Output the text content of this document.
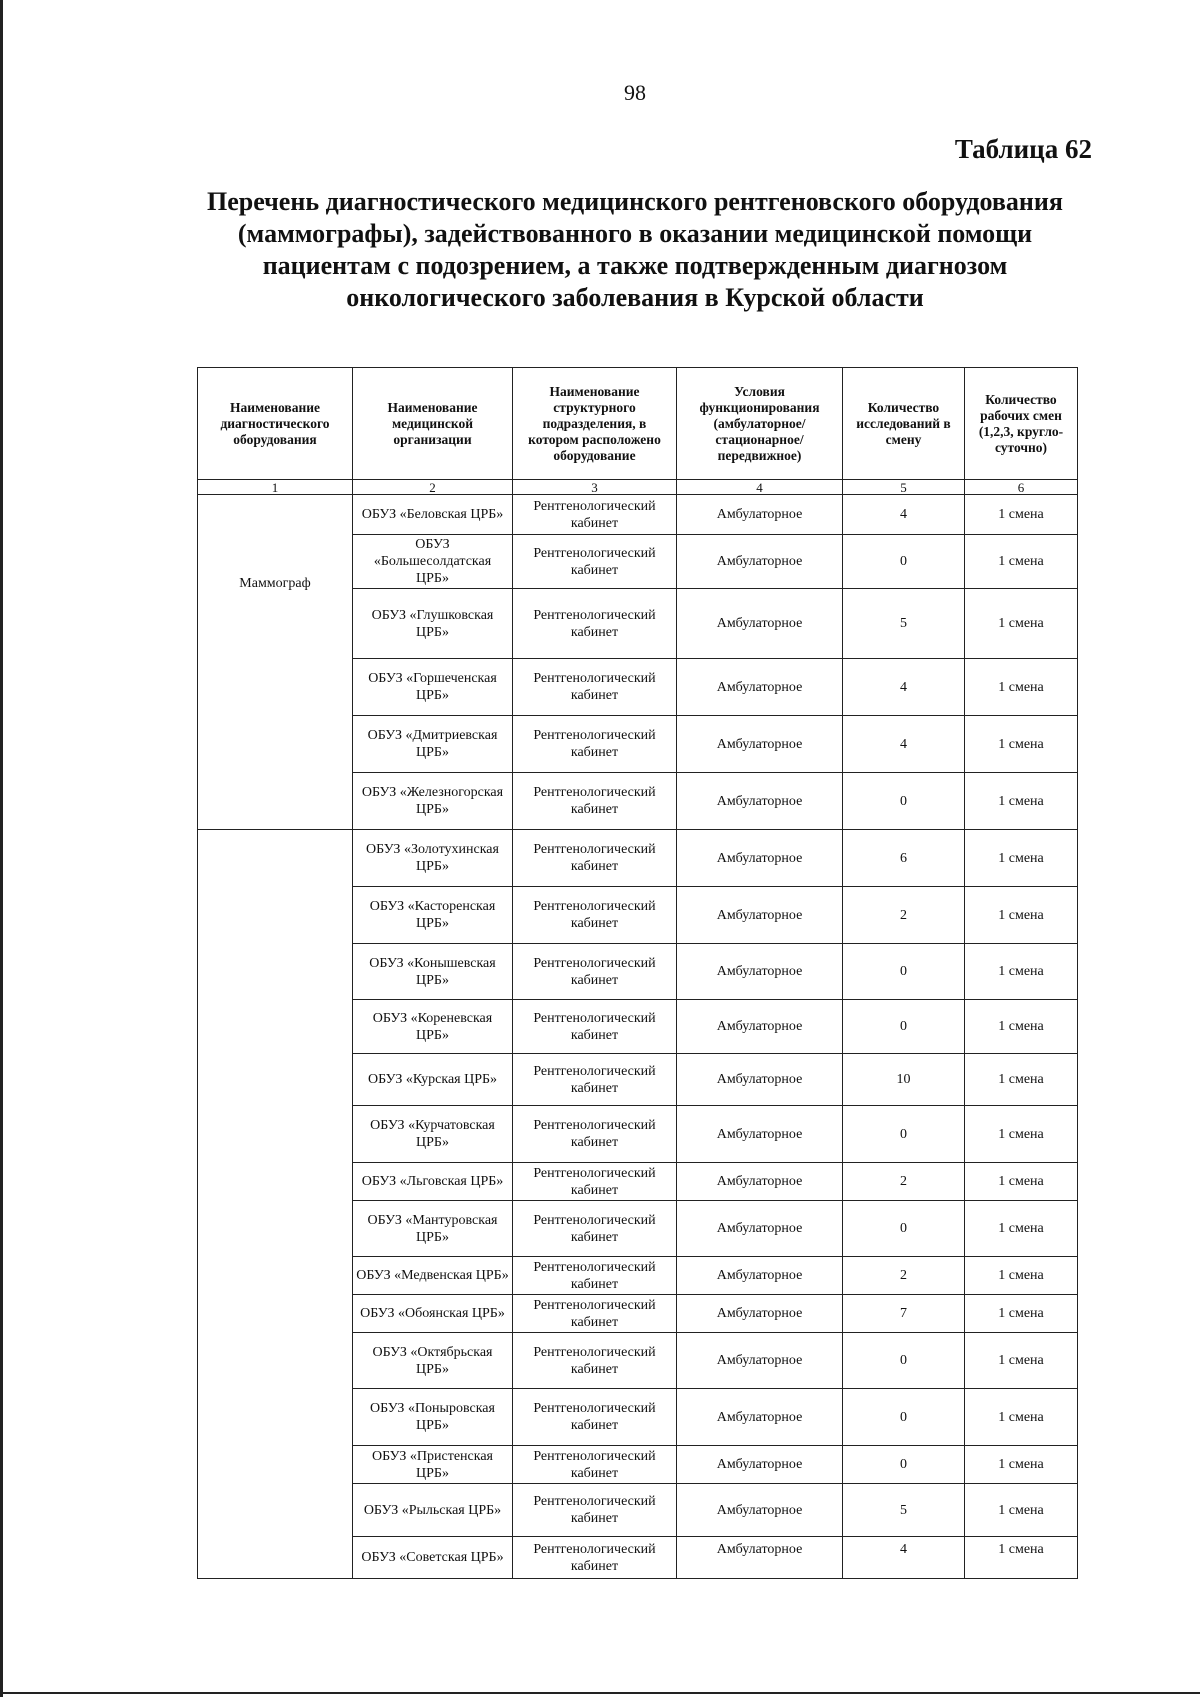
98
Таблица 62
Перечень диагностического медицинского рентгеновского оборудования (маммографы), задействованного в оказании медицинской помощи пациентам с подозрением, а также подтвержденным диагнозом онкологического заболевания в Курской области
Наименование диагностического оборудования	Наименование медицинской организации	Наименование структурного подразделения, в котором расположено оборудование	Условия функционирования (амбулаторное/ стационарное/ передвижное)	Количество исследований в смену	Количество рабочих смен (1,2,3, кругло-суточно)
1	2	3	4	5	6
Маммограф	ОБУЗ «Беловская ЦРБ»	Рентгенологический кабинет	Амбулаторное	4	1 смена
	ОБУЗ «Большесолдатская ЦРБ»	Рентгенологический кабинет	Амбулаторное	0	1 смена
	ОБУЗ «Глушковская ЦРБ»	Рентгенологический кабинет	Амбулаторное	5	1 смена
	ОБУЗ «Горшеченская ЦРБ»	Рентгенологический кабинет	Амбулаторное	4	1 смена
	ОБУЗ «Дмитриевская ЦРБ»	Рентгенологический кабинет	Амбулаторное	4	1 смена
	ОБУЗ «Железногорская ЦРБ»	Рентгенологический кабинет	Амбулаторное	0	1 смена
	ОБУЗ «Золотухинская ЦРБ»	Рентгенологический кабинет	Амбулаторное	6	1 смена
	ОБУЗ «Касторенская ЦРБ»	Рентгенологический кабинет	Амбулаторное	2	1 смена
	ОБУЗ «Конышевская ЦРБ»	Рентгенологический кабинет	Амбулаторное	0	1 смена
	ОБУЗ «Кореневская ЦРБ»	Рентгенологический кабинет	Амбулаторное	0	1 смена
	ОБУЗ «Курская ЦРБ»	Рентгенологический кабинет	Амбулаторное	10	1 смена
	ОБУЗ «Курчатовская ЦРБ»	Рентгенологический кабинет	Амбулаторное	0	1 смена
	ОБУЗ «Льговская ЦРБ»	Рентгенологический кабинет	Амбулаторное	2	1 смена
	ОБУЗ «Мантуровская ЦРБ»	Рентгенологический кабинет	Амбулаторное	0	1 смена
	ОБУЗ «Медвенская ЦРБ»	Рентгенологический кабинет	Амбулаторное	2	1 смена
	ОБУЗ «Обоянская ЦРБ»	Рентгенологический кабинет	Амбулаторное	7	1 смена
	ОБУЗ «Октябрьская ЦРБ»	Рентгенологический кабинет	Амбулаторное	0	1 смена
	ОБУЗ «Поныровская ЦРБ»	Рентгенологический кабинет	Амбулаторное	0	1 смена
	ОБУЗ «Пристенская ЦРБ»	Рентгенологический кабинет	Амбулаторное	0	1 смена
	ОБУЗ «Рыльская ЦРБ»	Рентгенологический кабинет	Амбулаторное	5	1 смена
	ОБУЗ «Советская ЦРБ»	Рентгенологический кабинет	Амбулаторное	4	1 смена
